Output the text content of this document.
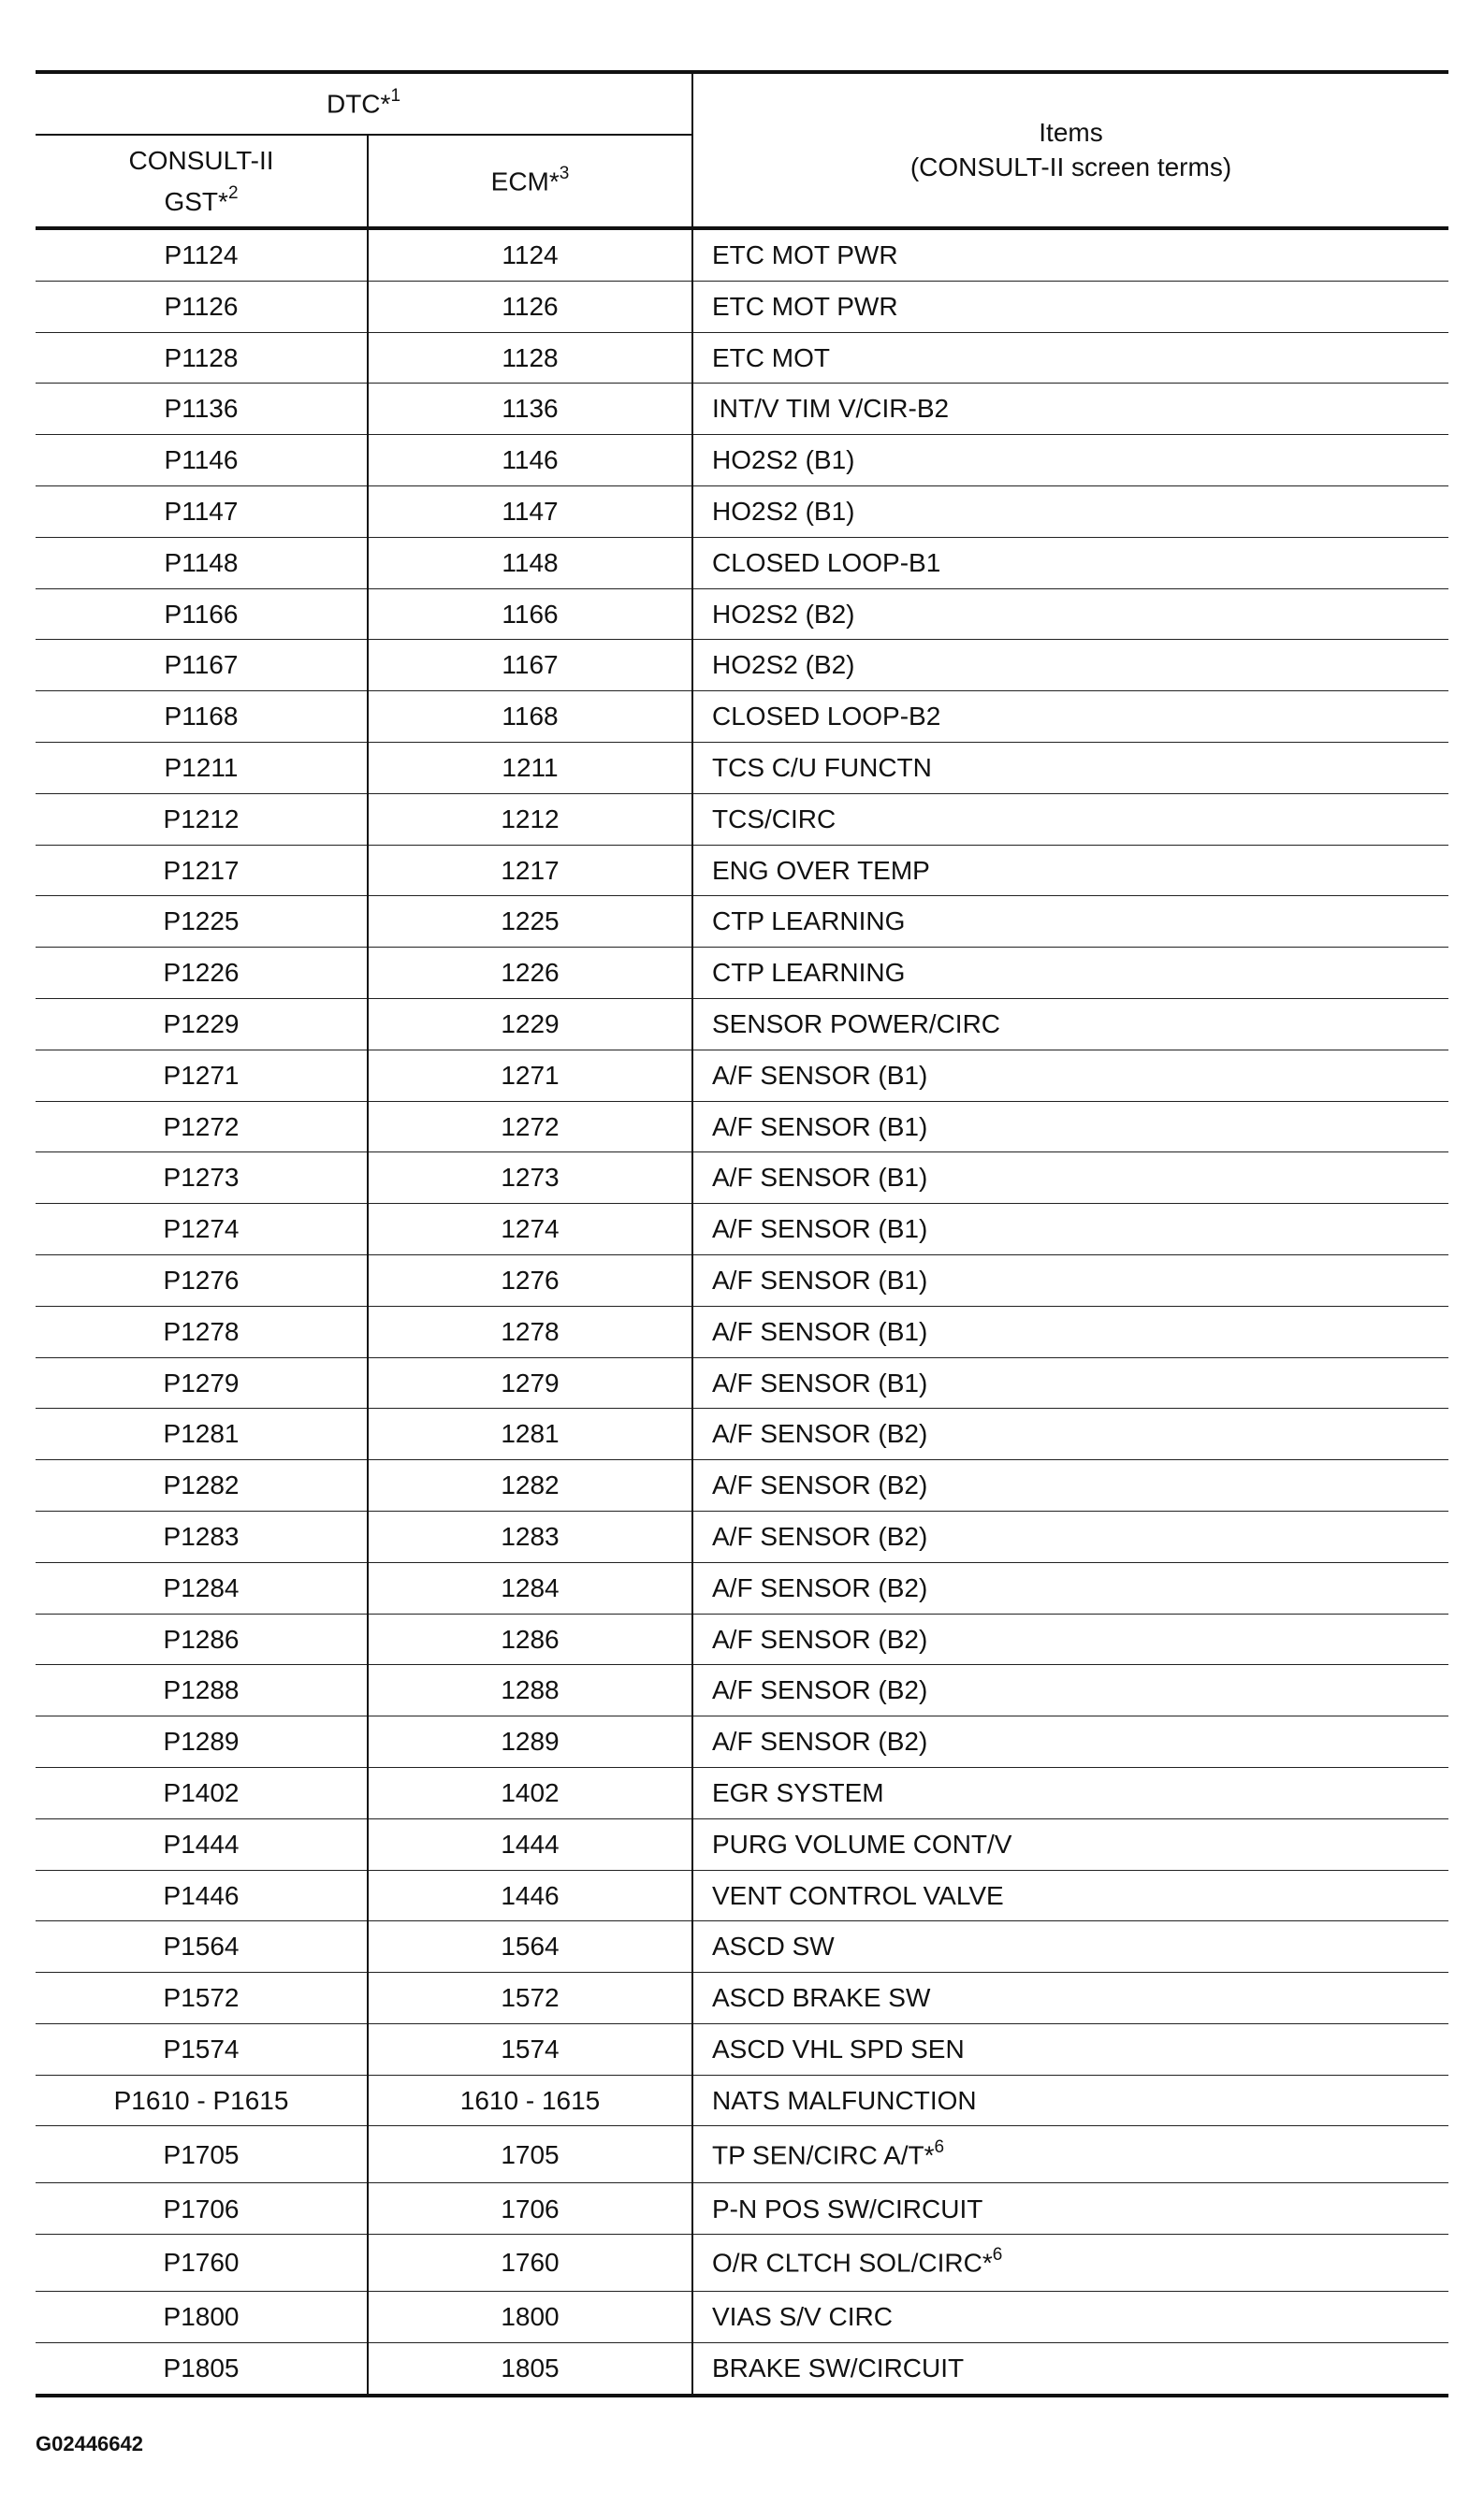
DTC*$^1$		Items
(CONSULT-II screen terms)

CONSULT-II
GST*$^2$	ECM*$^3$
P1124	1124	ETC MOT PWR
P1126	1126	ETC MOT PWR
P1128	1128	ETC MOT
P1136	1136	INT/V TIM V/CIR-B2
P1146	1146	HO2S2 (B1)
P1147	1147	HO2S2 (B1)
P1148	1148	CLOSED LOOP-B1
P1166	1166	HO2S2 (B2)
P1167	1167	HO2S2 (B2)
P1168	1168	CLOSED LOOP-B2
P1211	1211	TCS C/U FUNCTN
P1212	1212	TCS/CIRC
P1217	1217	ENG OVER TEMP
P1225	1225	CTP LEARNING
P1226	1226	CTP LEARNING
P1229	1229	SENSOR POWER/CIRC
P1271	1271	A/F SENSOR (B1)
P1272	1272	A/F SENSOR (B1)
P1273	1273	A/F SENSOR (B1)
P1274	1274	A/F SENSOR (B1)
P1276	1276	A/F SENSOR (B1)
P1278	1278	A/F SENSOR (B1)
P1279	1279	A/F SENSOR (B1)
P1281	1281	A/F SENSOR (B2)
P1282	1282	A/F SENSOR (B2)
P1283	1283	A/F SENSOR (B2)
P1284	1284	A/F SENSOR (B2)
P1286	1286	A/F SENSOR (B2)
P1288	1288	A/F SENSOR (B2)
P1289	1289	A/F SENSOR (B2)
P1402	1402	EGR SYSTEM
P1444	1444	PURG VOLUME CONT/V
P1446	1446	VENT CONTROL VALVE
P1564	1564	ASCD SW
P1572	1572	ASCD BRAKE SW
P1574	1574	ASCD VHL SPD SEN
P1610 - P1615	1610 - 1615	NATS MALFUNCTION
P1705	1705	TP SEN/CIRC A/T*$^6$
P1706	1706	P-N POS SW/CIRCUIT
P1760	1760	O/R CLTCH SOL/CIRC*$^6$
P1800	1800	VIAS S/V CIRC
P1805	1805	BRAKE SW/CIRCUIT
G02446642
